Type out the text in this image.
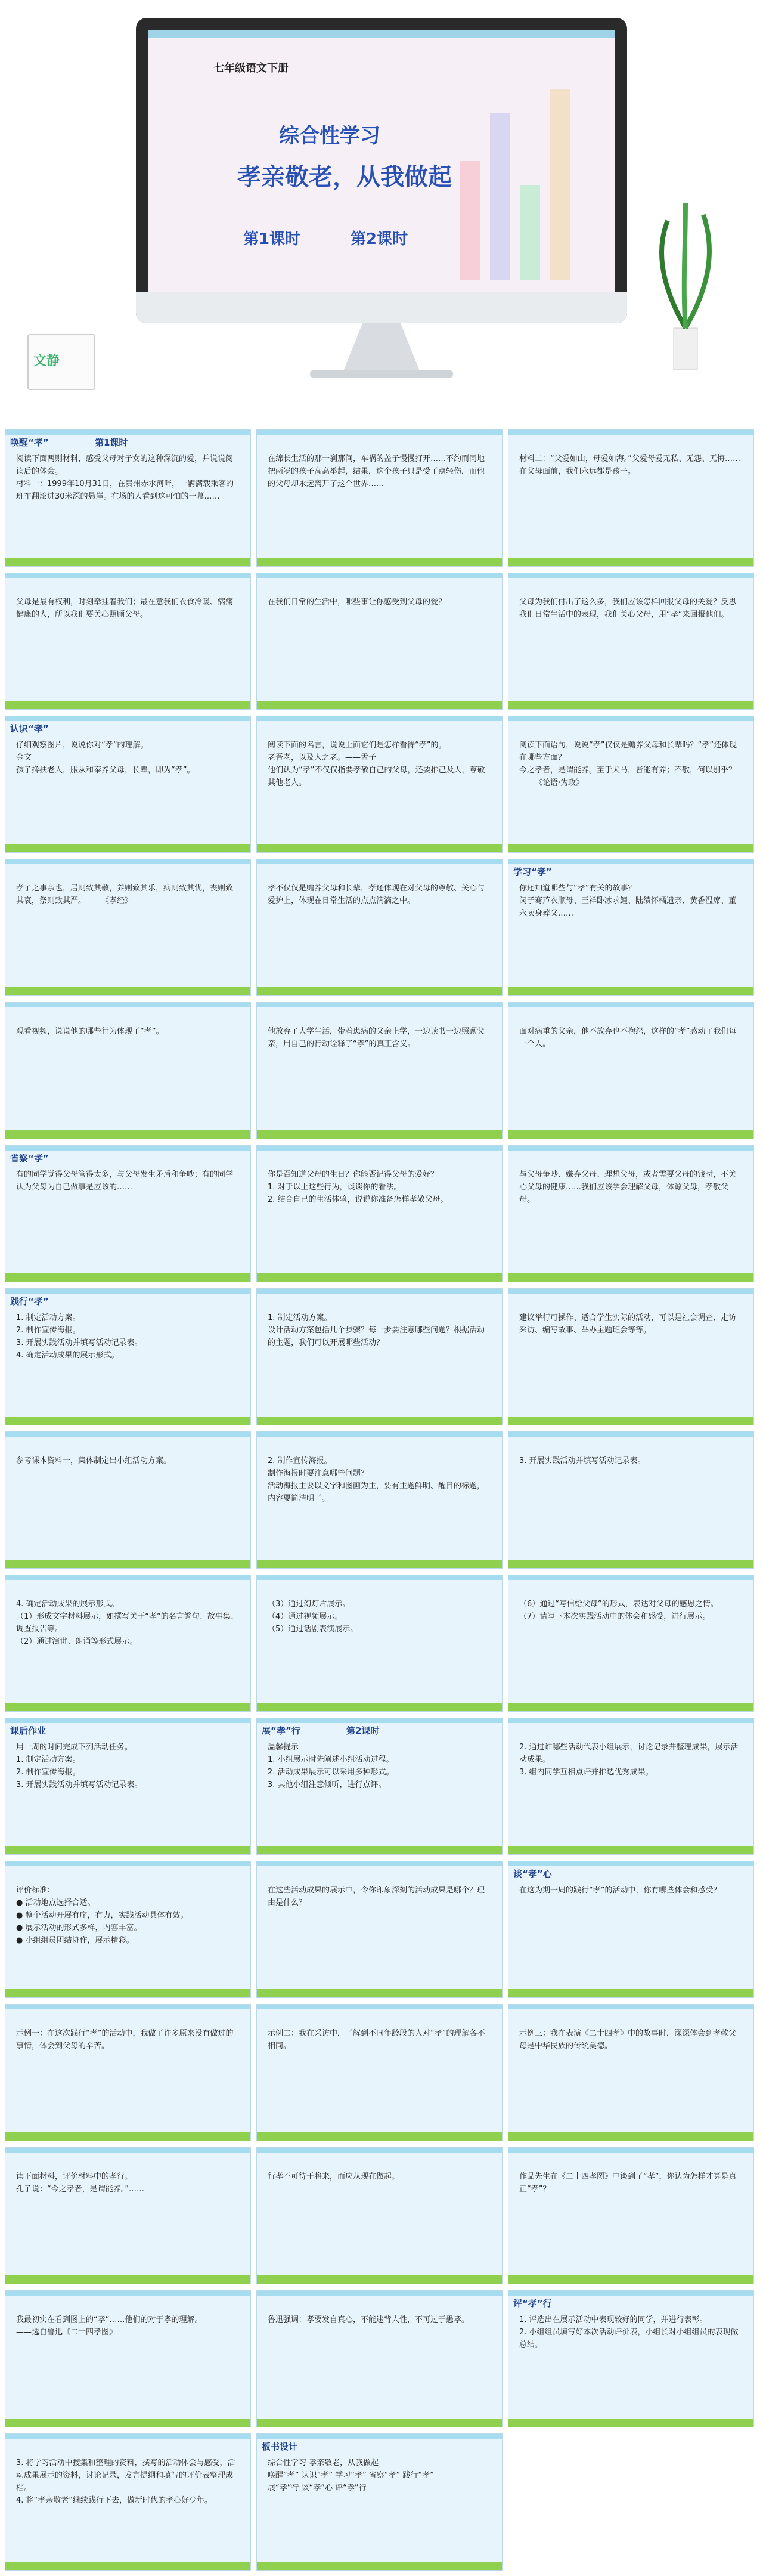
七年级语文下册
综合性学习
孝亲敬老，从我做起
第1课时	第2课时
文静
唤醒“孝”	第1课时
阅读下面两则材料，感受父母对子女的这种深沉的爱，并说说阅读后的体会。
材料一：1999年10月31日，在贵州赤水河畔，一辆满载乘客的班车翻滚进30米深的悬崖。在场的人看到这可怕的一幕……
在绵长生活的那一刹那间，车祸的盖子慢慢打开……不约而同地把两岁的孩子高高举起，结果，这个孩子只是受了点轻伤，而他的父母却永远离开了这个世界……
材料二：“父爱如山，母爱如海。”父爱母爱无私、无怨、无悔……在父母面前，我们永远都是孩子。
父母是最有权利，时刻牵挂着我们；最在意我们衣食冷暖、病痛健康的人，所以我们要关心照顾父母。
在我们日常的生活中，哪些事让你感受到父母的爱？	父母为我们付出了这么多，我们应该怎样回报父母的关爱？反思我们日常生活中的表现，我们关心父母，用“孝”来回报他们。
认识“孝”
仔细观察图片，说说你对“孝”的理解。
金文
孩子搀扶老人，服从和奉养父母，长辈，即为“孝”。
阅读下面的名言，说说上面它们是怎样看待“孝”的。
老吾老，以及人之老。——孟子
他们认为“孝”不仅仅指要孝敬自己的父母，还要推己及人，尊敬其他老人。
阅读下面语句，说说“孝”仅仅是赡养父母和长辈吗？“孝”还体现在哪些方面？
今之孝者，是谓能养。至于犬马，皆能有养；不敬，何以别乎？——《论语·为政》
孝子之事亲也，居则致其敬，养则致其乐，病则致其忧，丧则致其哀，祭则致其严。——《孝经》
孝不仅仅是赡养父母和长辈，孝还体现在对父母的尊敬、关心与爱护上，体现在日常生活的点点滴滴之中。
学习“孝”
你还知道哪些与“孝”有关的故事？
闵子骞芦衣顺母、王祥卧冰求鲤、陆绩怀橘遗亲、黄香温席、董永卖身葬父……
观看视频，说说他的哪些行为体现了“孝”。	他放弃了大学生活，带着患病的父亲上学，一边读书一边照顾父亲，用自己的行动诠释了“孝”的真正含义。
面对病重的父亲，他不放弃也不抱怨，这样的“孝”感动了我们每一个人。
省察“孝”
有的同学觉得父母管得太多，与父母发生矛盾和争吵；有的同学认为父母为自己做事是应该的……
你是否知道父母的生日？你能否记得父母的爱好？
1. 对于以上这些行为，谈谈你的看法。
2. 结合自己的生活体验，说说你准备怎样孝敬父母。
与父母争吵、嫌弃父母、理想父母，或者需要父母的钱时，不关心父母的健康……我们应该学会理解父母，体谅父母，孝敬父母。
践行“孝”
1. 制定活动方案。
2. 制作宣传海报。
3. 开展实践活动并填写活动记录表。
4. 确定活动成果的展示形式。
1. 制定活动方案。
设计活动方案包括几个步骤？每一步要注意哪些问题？根据活动的主题，我们可以开展哪些活动？
建议举行可操作、适合学生实际的活动，可以是社会调查、走访采访、编写故事、举办主题班会等等。
参考课本资料一，集体制定出小组活动方案。	2. 制作宣传海报。
制作海报时要注意哪些问题？
活动海报主要以文字和图画为主，要有主题鲜明、醒目的标题，内容要简洁明了。
3. 开展实践活动并填写活动记录表。
4. 确定活动成果的展示形式。
（1）形成文字材料展示，如撰写关于“孝”的名言警句、故事集、调查报告等。
（2）通过演讲、朗诵等形式展示。
（3）通过幻灯片展示。
（4）通过视频展示。
（5）通过话剧表演展示。
（6）通过“写信给父母”的形式，表达对父母的感恩之情。
（7）请写下本次实践活动中的体会和感受，进行展示。
课后作业
用一周的时间完成下列活动任务。
1. 制定活动方案。
2. 制作宣传海报。
3. 开展实践活动并填写活动记录表。
展“孝”行	第2课时
温馨提示
1. 小组展示时先阐述小组活动过程。
2. 活动成果展示可以采用多种形式。
3. 其他小组注意倾听，进行点评。
2. 通过谁哪些活动代表小组展示，讨论记录并整理成果，展示活动成果。
3. 组内同学互相点评并推选优秀成果。
评价标准：
● 活动地点选择合适。
● 整个活动开展有序，有力，实践活动具体有效。
● 展示活动的形式多样，内容丰富。
● 小组组员团结协作，展示精彩。
在这些活动成果的展示中，令你印象深刻的活动成果是哪个？理由是什么？
谈“孝”心
在这为期一周的践行“孝”的活动中，你有哪些体会和感受？
示例一：在这次践行“孝”的活动中，我做了许多原来没有做过的事情，体会到父母的辛苦。
示例二：我在采访中，了解到不同年龄段的人对“孝”的理解各不相同。
示例三：我在表演《二十四孝》中的故事时，深深体会到孝敬父母是中华民族的传统美德。
读下面材料，评价材料中的孝行。
孔子说：“今之孝者，是谓能养。”……
行孝不可待于将来，而应从现在做起。	作品先生在《二十四孝图》中谈到了“孝”，你认为怎样才算是真正“孝”？
我最初实在看到图上的“孝”……他们的对于孝的理解。
——选自鲁迅《二十四孝图》
鲁迅强调：孝要发自真心，不能违背人性，不可过于愚孝。
评“孝”行
1. 评选出在展示活动中表现较好的同学，并进行表彰。
2. 小组组员填写好本次活动评价表，小组长对小组组员的表现做总结。
3. 将学习活动中搜集和整理的资料，撰写的活动体会与感受，活动成果展示的资料，讨论记录，发言提纲和填写的评价表整理成档。
4. 将“孝亲敬老”继续践行下去，做新时代的孝心好少年。
板书设计
综合性学习 孝亲敬老，从我做起
唤醒“孝” 认识“孝” 学习“孝” 省察“孝” 践行“孝”
展“孝”行 谈“孝”心 评“孝”行
